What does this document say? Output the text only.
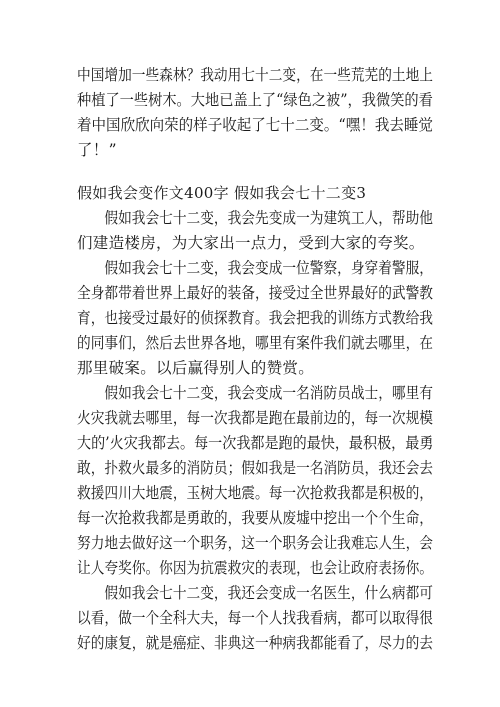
中国增加一些森林？我动用七十二变，在一些荒芜的土地上
种植了一些树木。大地已盖上了“绿色之被”，我微笑的看
着中国欣欣向荣的样子收起了七十二变。“嘿！我去睡觉
了！”
假如我会变作文400字 假如我会七十二变3
　　假如我会七十二变，我会先变成一为建筑工人，帮助他
们建造楼房，为大家出一点力，受到大家的夸奖。
　　假如我会七十二变，我会变成一位警察，身穿着警服，
全身都带着世界上最好的装备，接受过全世界最好的武警教
育，也接受过最好的侦探教育。我会把我的训练方式教给我
的同事们，然后去世界各地，哪里有案件我们就去哪里，在
那里破案。以后赢得别人的赞赏。
　　假如我会七十二变，我会变成一名消防员战士，哪里有
火灾我就去哪里，每一次我都是跑在最前边的，每一次规模
大的’火灾我都去。每一次我都是跑的最快，最积极，最勇
敢，扑救火最多的消防员；假如我是一名消防员，我还会去
救援四川大地震，玉树大地震。每一次抢救我都是积极的，
每一次抢救我都是勇敢的，我要从废墟中挖出一个个生命，
努力地去做好这一个职务，这一个职务会让我难忘人生，会
让人夸奖你。你因为抗震救灾的表现，也会让政府表扬你。
　　假如我会七十二变，我还会变成一名医生，什么病都可
以看，做一个全科大夫，每一个人找我看病，都可以取得很
好的康复，就是癌症、非典这一种病我都能看了，尽力的去
